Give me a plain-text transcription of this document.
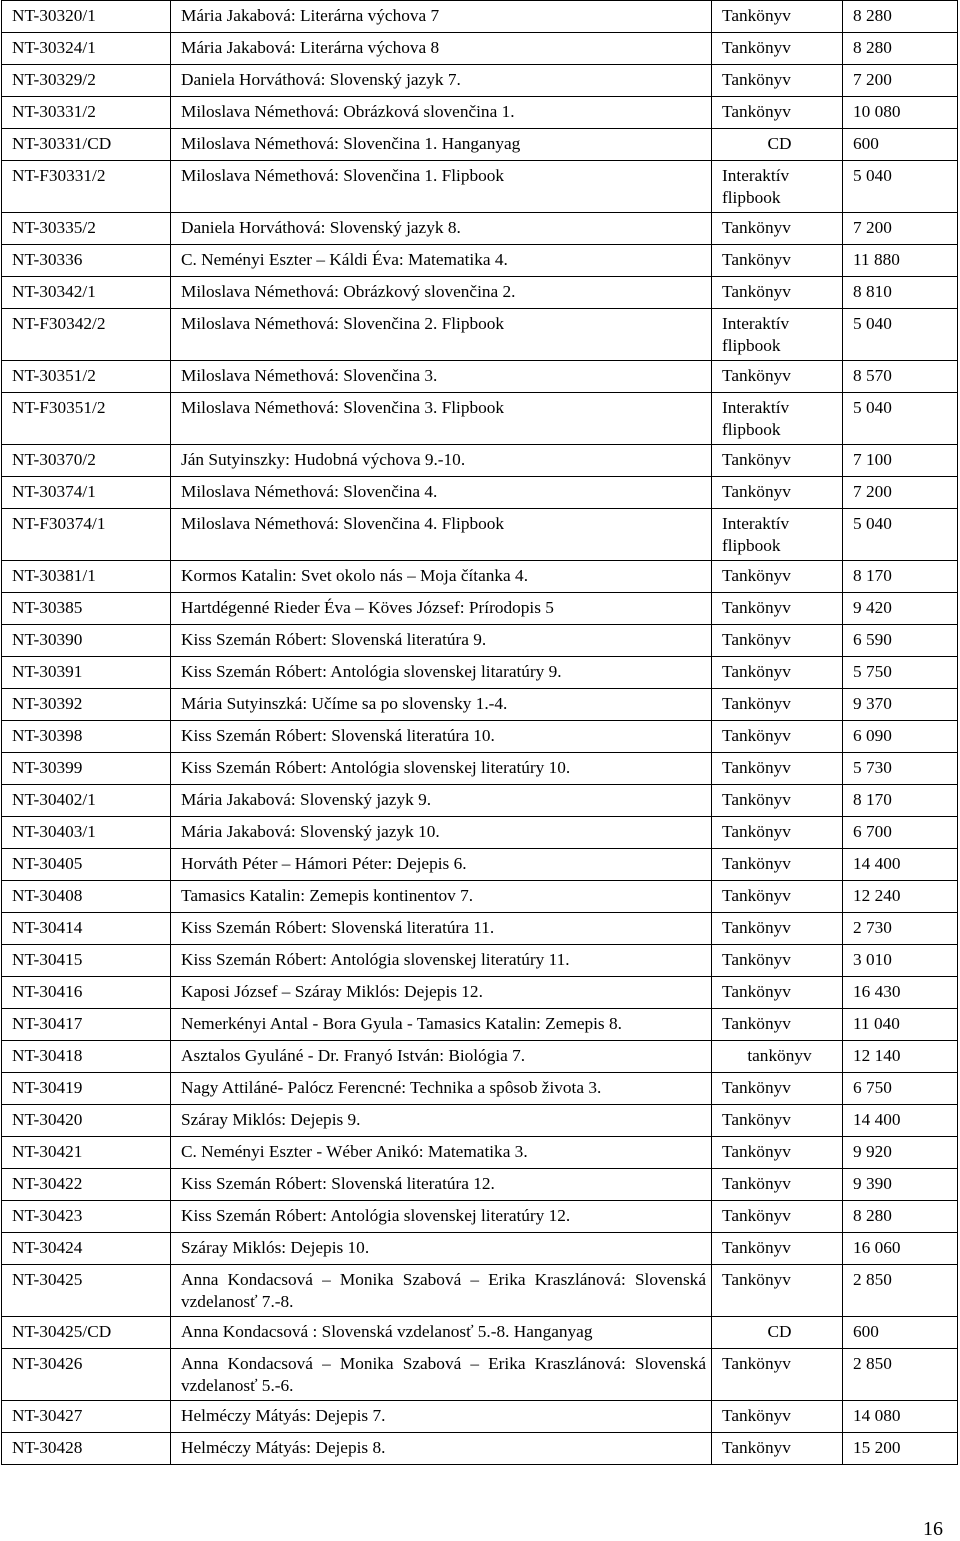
NT-30320/1	Mária Jakabová: Literárna výchova 7	Tankönyv	8 280
NT-30324/1	Mária Jakabová: Literárna výchova 8	Tankönyv	8 280
NT-30329/2	Daniela Horváthová: Slovenský jazyk 7.	Tankönyv	7 200
NT-30331/2	Miloslava Némethová: Obrázková slovenčina 1.	Tankönyv	10 080
NT-30331/CD	Miloslava Némethová: Slovenčina 1. Hanganyag	CD	600
NT-F30331/2	Miloslava Némethová: Slovenčina 1. Flipbook	Interaktív flipbook	5 040
NT-30335/2	Daniela Horváthová: Slovenský jazyk 8.	Tankönyv	7 200
NT-30336	C. Neményi Eszter – Káldi Éva: Matematika 4.	Tankönyv	11 880
NT-30342/1	Miloslava Némethová: Obrázkový slovenčina 2.	Tankönyv	8 810
NT-F30342/2	Miloslava Némethová: Slovenčina 2. Flipbook	Interaktív flipbook	5 040
NT-30351/2	Miloslava Némethová: Slovenčina 3.	Tankönyv	8 570
NT-F30351/2	Miloslava Némethová: Slovenčina 3. Flipbook	Interaktív flipbook	5 040
NT-30370/2	Ján Sutyinszky: Hudobná výchova 9.-10.	Tankönyv	7 100
NT-30374/1	Miloslava Némethová: Slovenčina 4.	Tankönyv	7 200
NT-F30374/1	Miloslava Némethová: Slovenčina 4. Flipbook	Interaktív flipbook	5 040
NT-30381/1	Kormos Katalin: Svet okolo nás – Moja čítanka 4.	Tankönyv	8 170
NT-30385	Hartdégenné Rieder Éva – Köves József: Prírodopis 5	Tankönyv	9 420
NT-30390	Kiss Szemán Róbert: Slovenská literatúra 9.	Tankönyv	6 590
NT-30391	Kiss Szemán Róbert: Antológia slovenskej litaratúry 9.	Tankönyv	5 750
NT-30392	Mária Sutyinszká: Učíme sa po slovensky 1.-4.	Tankönyv	9 370
NT-30398	Kiss Szemán Róbert: Slovenská literatúra 10.	Tankönyv	6 090
NT-30399	Kiss Szemán Róbert: Antológia slovenskej literatúry 10.	Tankönyv	5 730
NT-30402/1	Mária Jakabová: Slovenský jazyk 9.	Tankönyv	8 170
NT-30403/1	Mária Jakabová: Slovenský jazyk 10.	Tankönyv	6 700
NT-30405	Horváth Péter – Hámori Péter: Dejepis 6.	Tankönyv	14 400
NT-30408	Tamasics Katalin: Zemepis kontinentov 7.	Tankönyv	12 240
NT-30414	Kiss Szemán Róbert: Slovenská literatúra 11.	Tankönyv	2 730
NT-30415	Kiss Szemán Róbert: Antológia slovenskej literatúry 11.	Tankönyv	3 010
NT-30416	Kaposi József – Száray Miklós: Dejepis 12.	Tankönyv	16 430
NT-30417	Nemerkényi Antal - Bora Gyula - Tamasics Katalin: Zemepis 8.	Tankönyv	11 040
NT-30418	Asztalos Gyuláné - Dr. Franyó István: Biológia 7.	tankönyv	12 140
NT-30419	Nagy Attiláné- Palócz Ferencné: Technika a spôsob života 3.	Tankönyv	6 750
NT-30420	Száray Miklós: Dejepis 9.	Tankönyv	14 400
NT-30421	C. Neményi Eszter - Wéber Anikó: Matematika 3.	Tankönyv	9 920
NT-30422	Kiss Szemán Róbert: Slovenská literatúra 12.	Tankönyv	9 390
NT-30423	Kiss Szemán Róbert: Antológia slovenskej literatúry 12.	Tankönyv	8 280
NT-30424	Száray Miklós: Dejepis 10.	Tankönyv	16 060
NT-30425	Anna Kondacsová – Monika Szabová – Erika Kraszlánová: Slovenská vzdelanosť 7.-8.	Tankönyv	2 850
NT-30425/CD	Anna Kondacsová : Slovenská vzdelanosť 5.-8. Hanganyag	CD	600
NT-30426	Anna Kondacsová – Monika Szabová – Erika Kraszlánová: Slovenská vzdelanosť 5.-6.	Tankönyv	2 850
NT-30427	Helméczy Mátyás: Dejepis 7.	Tankönyv	14 080
NT-30428	Helméczy Mátyás: Dejepis 8.	Tankönyv	15 200
16
